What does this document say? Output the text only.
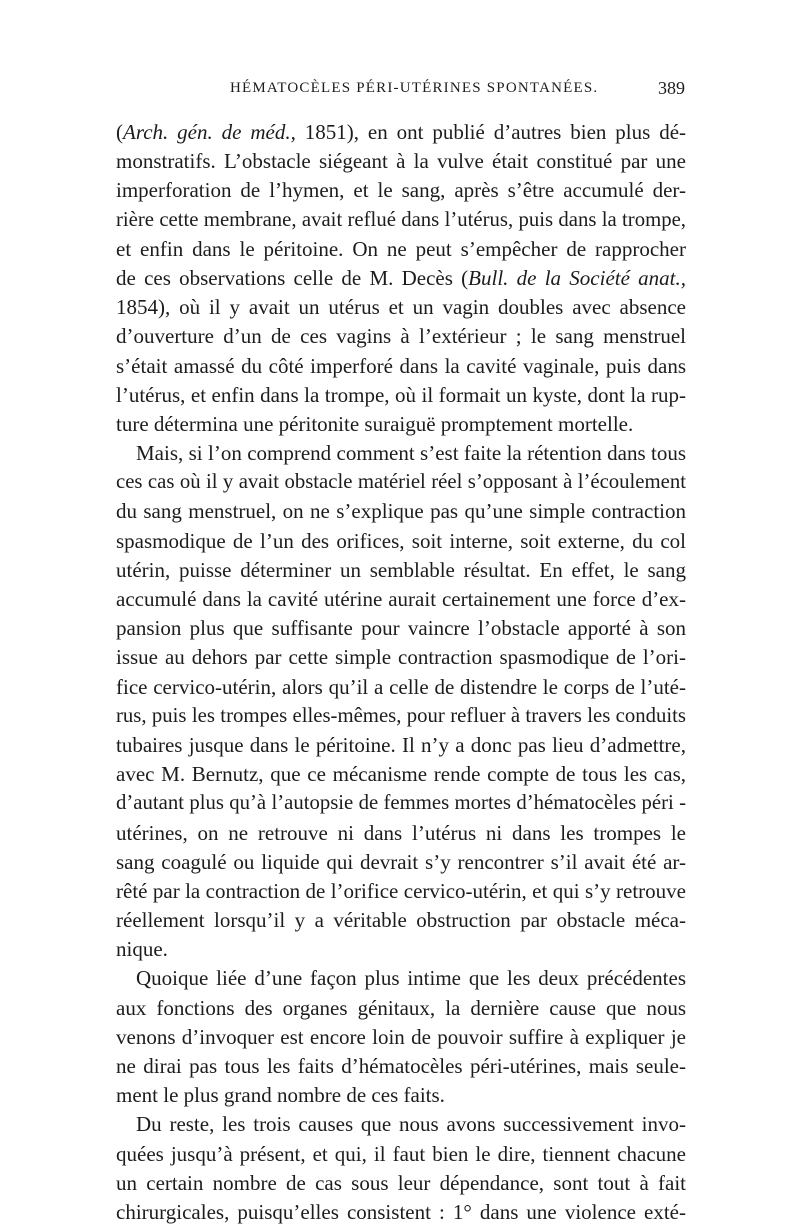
HÉMATOCÈLES PÉRI-UTÉRINES SPONTANÉES.	389
(Arch. gén. de méd., 1851), en ont publié d’autres bien plus dé-
monstratifs. L’obstacle siégeant à la vulve était constitué par une
imperforation de l’hymen, et le sang, après s’être accumulé der-
rière cette membrane, avait reflué dans l’utérus, puis dans la trompe,
et enfin dans le péritoine. On ne peut s’empêcher de rapprocher
de ces observations celle de M. Decès (Bull. de la Société anat.,
1854), où il y avait un utérus et un vagin doubles avec absence
d’ouverture d’un de ces vagins à l’extérieur ; le sang menstruel
s’était amassé du côté imperforé dans la cavité vaginale, puis dans
l’utérus, et enfin dans la trompe, où il formait un kyste, dont la rup-
ture détermina une péritonite suraiguë promptement mortelle.
Mais, si l’on comprend comment s’est faite la rétention dans tous
ces cas où il y avait obstacle matériel réel s’opposant à l’écoulement
du sang menstruel, on ne s’explique pas qu’une simple contraction
spasmodique de l’un des orifices, soit interne, soit externe, du col
utérin, puisse déterminer un semblable résultat. En effet, le sang
accumulé dans la cavité utérine aurait certainement une force d’ex-
pansion plus que suffisante pour vaincre l’obstacle apporté à son
issue au dehors par cette simple contraction spasmodique de l’ori-
fice cervico-utérin, alors qu’il a celle de distendre le corps de l’uté-
rus, puis les trompes elles-mêmes, pour refluer à travers les conduits
tubaires jusque dans le péritoine. Il n’y a donc pas lieu d’admettre,
avec M. Bernutz, que ce mécanisme rende compte de tous les cas,
d’autant plus qu’à l’autopsie de femmes mortes d’hématocèles péri -
utérines, on ne retrouve ni dans l’utérus ni dans les trompes le
sang coagulé ou liquide qui devrait s’y rencontrer s’il avait été ar-
rêté par la contraction de l’orifice cervico-utérin, et qui s’y retrouve
réellement lorsqu’il y a véritable obstruction par obstacle méca-
nique.
Quoique liée d’une façon plus intime que les deux précédentes
aux fonctions des organes génitaux, la dernière cause que nous
venons d’invoquer est encore loin de pouvoir suffire à expliquer je
ne dirai pas tous les faits d’hématocèles péri-utérines, mais seule-
ment le plus grand nombre de ces faits.
Du reste, les trois causes que nous avons successivement invo-
quées jusqu’à présent, et qui, il faut bien le dire, tiennent chacune
un certain nombre de cas sous leur dépendance, sont tout à fait
chirurgicales, puisqu’elles consistent : 1° dans une violence exté-
